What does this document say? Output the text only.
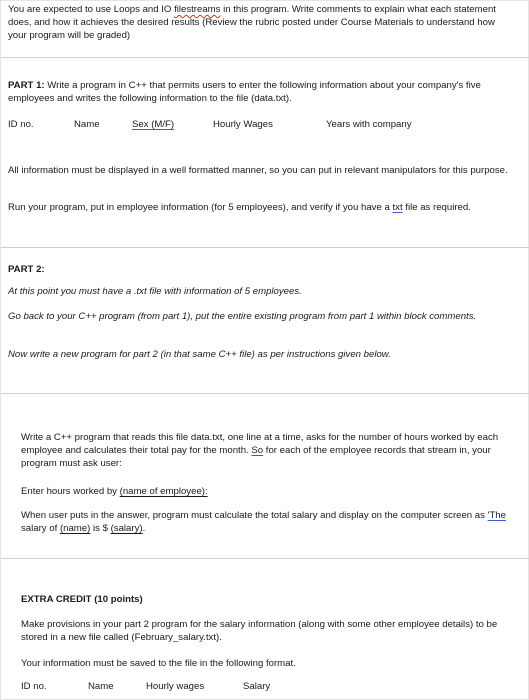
You are expected to use Loops and IO filestreams in this program. Write comments to explain what each statement does, and how it achieves the desired results (Review the rubric posted under Course Materials to understand how your program will be graded)

PART 1: Write a program in C++ that permits users to enter the following information about your company's five employees and writes the following information to the file (data.txt).

ID no.	Name	Sex (M/F)	Hourly Wages	Years with company

All information must be displayed in a well formatted manner, so you can put in relevant manipulators for this purpose.

Run your program, put in employee information (for 5 employees), and verify if you have a txt file as required.

PART 2:

At this point you must have a .txt file with information of 5 employees.

Go back to your C++ program (from part 1), put the entire existing program from part 1 within block comments.

Now write a new program for part 2 (in that same C++ file) as per instructions given below.

Write a C++ program that reads this file data.txt, one line at a time, asks for the number of hours worked by each employee and calculates their total pay for the month. So for each of the employee records that stream in, your program must ask user:

Enter hours worked by (name of employee):

When user puts in the answer, program must calculate the total salary and display on the computer screen as 'The salary of (name) is $ (salary).

EXTRA CREDIT (10 points)

Make provisions in your part 2 program for the salary information (along with some other employee details) to be stored in a new file called (February_salary.txt).

Your information must be saved to the file in the following format.

ID no.	Name	Hourly wages	Salary
